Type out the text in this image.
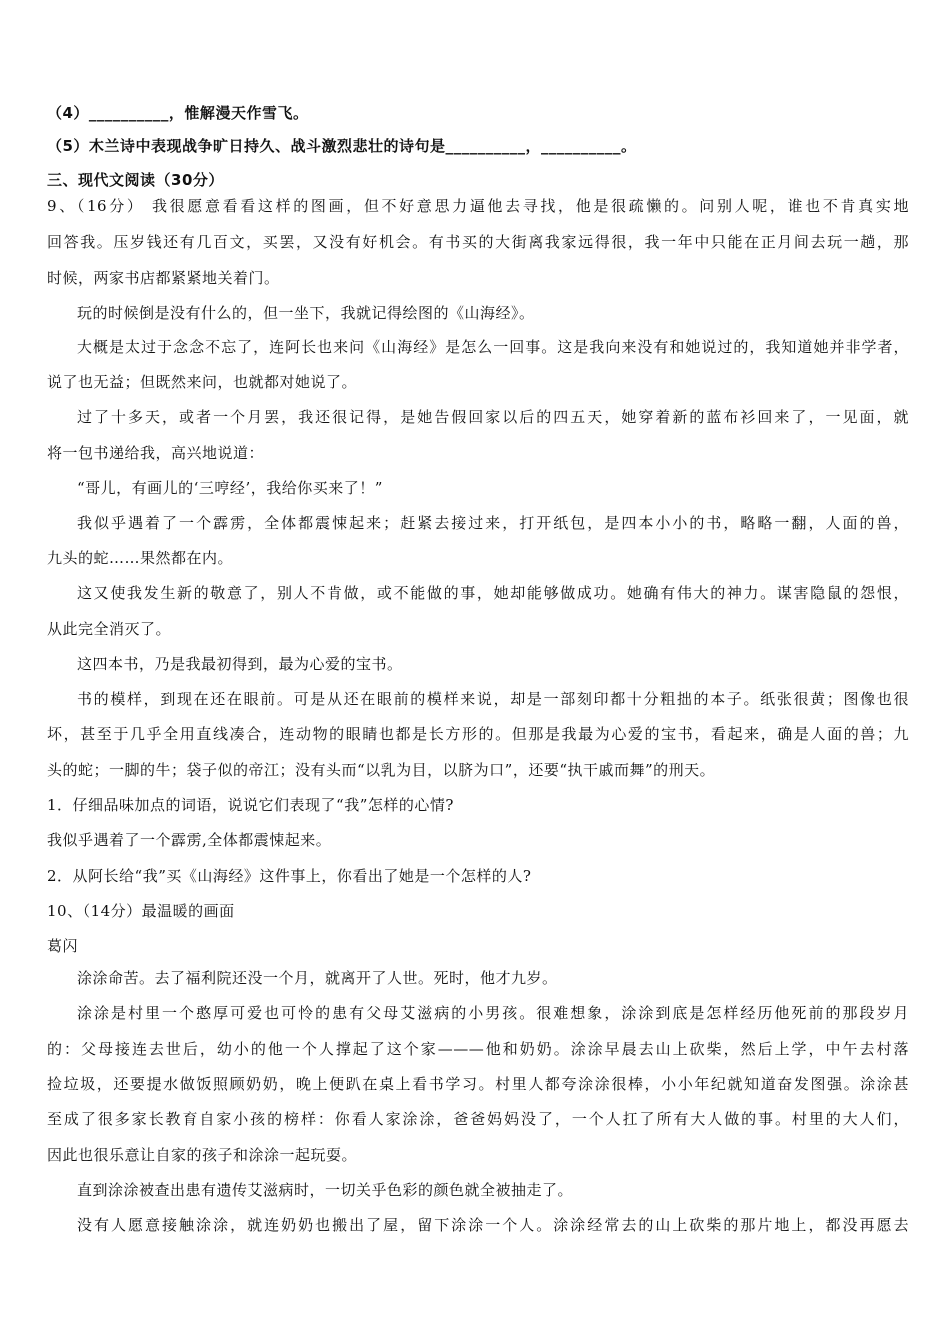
（4）__________，惟解漫天作雪飞。
（5）木兰诗中表现战争旷日持久、战斗激烈悲壮的诗句是__________，__________。
三、现代文阅读（30分）
9、（16分） 我很愿意看看这样的图画，但不好意思力逼他去寻找，他是很疏懒的。问别人呢，谁也不肯真实地
回答我。压岁钱还有几百文，买罢，又没有好机会。有书买的大街离我家远得很，我一年中只能在正月间去玩一趟，那
时候，两家书店都紧紧地关着门。
玩的时候倒是没有什么的，但一坐下，我就记得绘图的《山海经》。
大概是太过于念念不忘了，连阿长也来问《山海经》是怎么一回事。这是我向来没有和她说过的，我知道她并非学者，
说了也无益；但既然来问，也就都对她说了。
过了十多天，或者一个月罢，我还很记得，是她告假回家以后的四五天，她穿着新的蓝布衫回来了，一见面，就
将一包书递给我，高兴地说道：
“哥儿，有画儿的‘三哼经’，我给你买来了！”
我似乎遇着了一个霹雳，全体都震悚起来；赶紧去接过来，打开纸包，是四本小小的书，略略一翻，人面的兽，
九头的蛇……果然都在内。
这又使我发生新的敬意了，别人不肯做，或不能做的事，她却能够做成功。她确有伟大的神力。谋害隐鼠的怨恨，
从此完全消灭了。
这四本书，乃是我最初得到，最为心爱的宝书。
书的模样，到现在还在眼前。可是从还在眼前的模样来说，却是一部刻印都十分粗拙的本子。纸张很黄；图像也很
坏，甚至于几乎全用直线凑合，连动物的眼睛也都是长方形的。但那是我最为心爱的宝书，看起来，确是人面的兽；九
头的蛇；一脚的牛；袋子似的帝江；没有头而“以乳为目，以脐为口”，还要“执干戚而舞”的刑天。
1．仔细品味加点的词语，说说它们表现了“我”怎样的心情?
我似乎遇着了一个霹雳,全体都震悚起来。
2．从阿长给“我”买《山海经》这件事上，你看出了她是一个怎样的人?
10、（14分）最温暖的画面
葛闪
涂涂命苦。去了福利院还没一个月，就离开了人世。死时，他才九岁。
涂涂是村里一个憨厚可爱也可怜的患有父母艾滋病的小男孩。很难想象，涂涂到底是怎样经历他死前的那段岁月
的：父母接连去世后，幼小的他一个人撑起了这个家———他和奶奶。涂涂早晨去山上砍柴，然后上学，中午去村落
捡垃圾，还要提水做饭照顾奶奶，晚上便趴在桌上看书学习。村里人都夸涂涂很棒，小小年纪就知道奋发图强。涂涂甚
至成了很多家长教育自家小孩的榜样：你看人家涂涂，爸爸妈妈没了，一个人扛了所有大人做的事。村里的大人们，
因此也很乐意让自家的孩子和涂涂一起玩耍。
直到涂涂被查出患有遗传艾滋病时，一切关乎色彩的颜色就全被抽走了。
没有人愿意接触涂涂，就连奶奶也搬出了屋，留下涂涂一个人。涂涂经常去的山上砍柴的那片地上，都没再愿去
